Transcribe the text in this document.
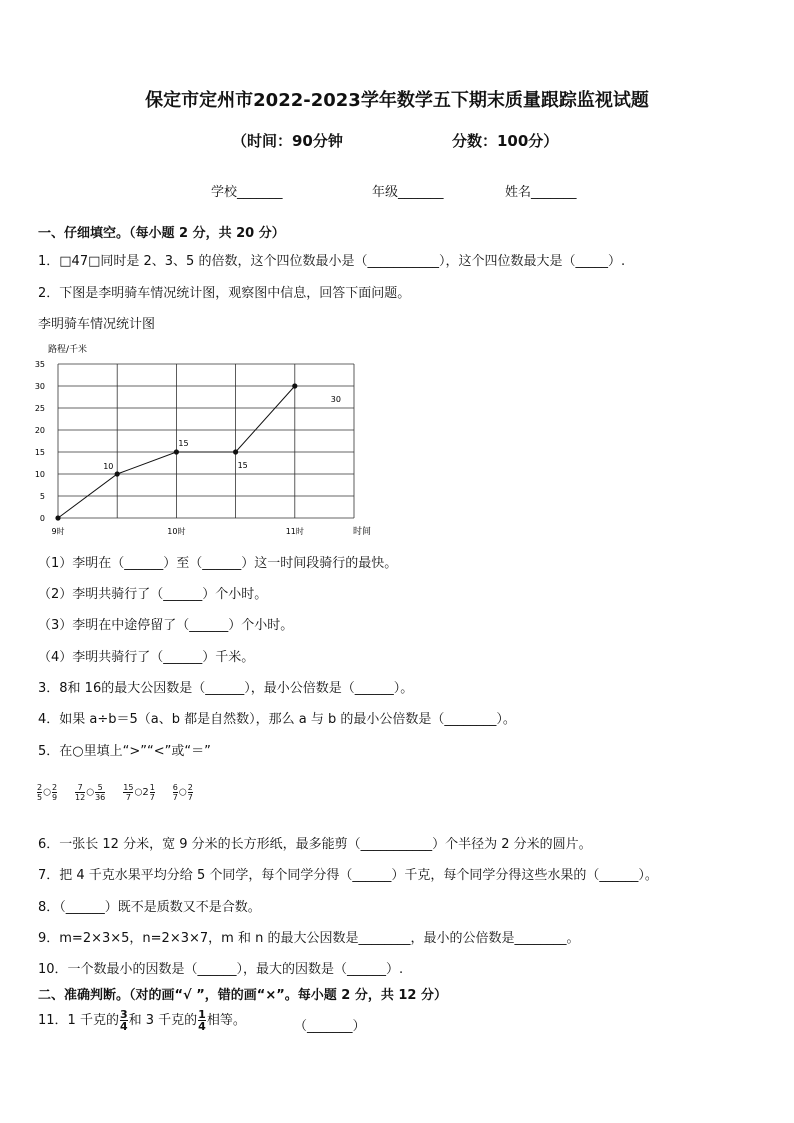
保定市定州市2022-2023学年数学五下期末质量跟踪监视试题
（时间：90分钟	分数：100分）
学校_______	年级_______	姓名_______
一、仔细填空。（每小题 2 分，共 20 分）
1．□47□同时是 2、3、5 的倍数，这个四位数最小是（___________），这个四位数最大是（_____）.
2．下图是李明骑车情况统计图，观察图中信息，回答下面问题。
李明骑车情况统计图
0
5
10
15
20
25
30
35
9时	10时	11时
10
15
15
30
路程/千米
时间
（1）李明在（______）至（______）这一时间段骑行的最快。
（2）李明共骑行了（______）个小时。
（3）李明在中途停留了（______）个小时。
（4）李明共骑行了（______）千米。
3．8和 16的最大公因数是（______），最小公倍数是（______）。
4．如果 a÷b＝5（a、b 都是自然数），那么 a 与 b 的最小公倍数是（________）。
5．在○里填上“>”“<”或“＝”
$\frac{2}{5}$ ○ $\frac{2}{9} \frac{7}{12}$ ○ $\frac{5}{36} \frac{15}{7}$ ○2 $\frac{1}{7} \frac{6}{7}$ ○ $\frac{2}{7}$
6．一张长 12 分米，宽 9 分米的长方形纸，最多能剪（___________）个半径为 2 分米的圆片。
7．把 4 千克水果平均分给 5 个同学，每个同学分得（______）千克，每个同学分得这些水果的（______）。
8．（______）既不是质数又不是合数。
9．m=2×3×5，n=2×3×7，m 和 n 的最大公因数是________，最小的公倍数是________。
10．一个数最小的因数是（______），最大的因数是（______）.
二、准确判断。（对的画“√ ”，错的画“×”。每小题 2 分，共 12 分）
11．1 千克的 $\frac{3}{4}$ 和 3 千克的 $\frac{1}{4}$ 相等。	（_______）
